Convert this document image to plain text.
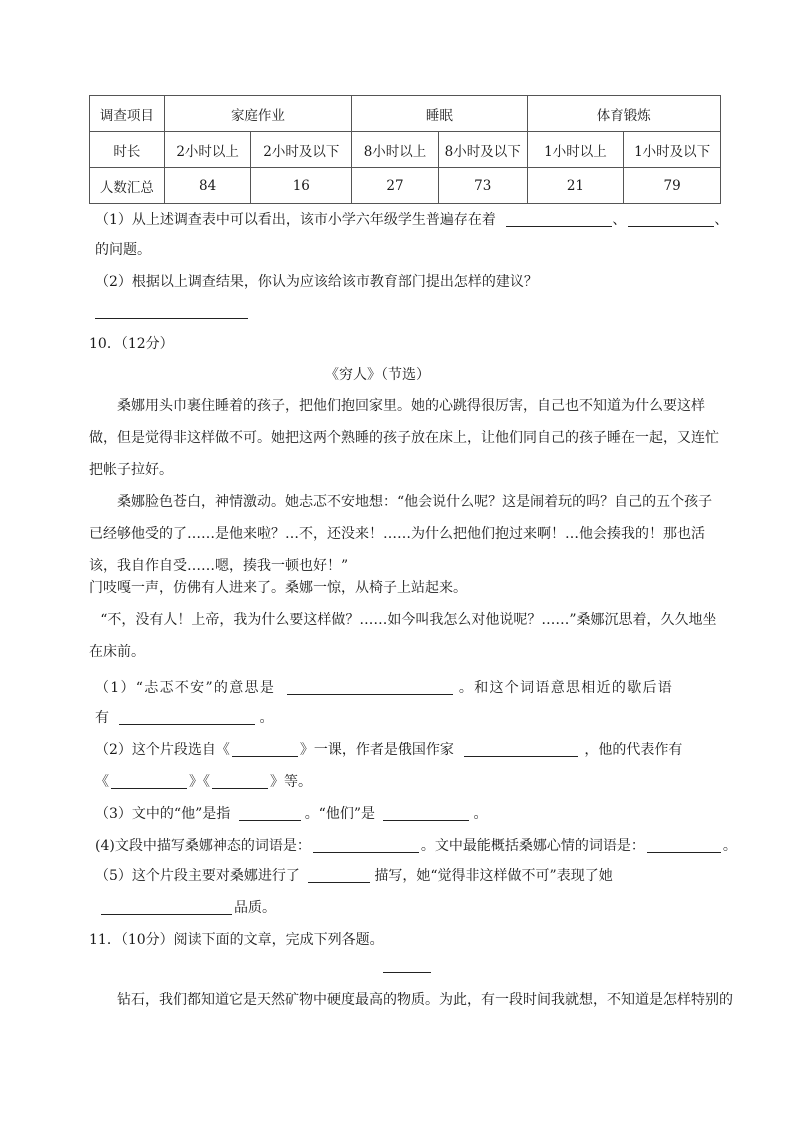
调查项目	家庭作业		睡眠		体育锻炼	
时长	2小时以上	2小时及以下	8小时以上	8小时及以下	1小时以上	1小时及以下
人数汇总	84	16	27	73	21	79
（1）从上述调查表中可以看出，该市小学六年级学生普遍存在着	、	、
的问题。
（2）根据以上调查结果，你认为应该给该市教育部门提出怎样的建议？
10．（12分）
《穷人》（节选）
桑娜用头巾裹住睡着的孩子，把他们抱回家里。她的心跳得很厉害，自己也不知道为什么要这样做，但是觉得非这样做不可。她把这两个熟睡的孩子放在床上，让他们同自己的孩子睡在一起，又连忙把帐子拉好。
桑娜脸色苍白，神情激动。她忐忑不安地想：“他会说什么呢？这是闹着玩的吗？自己的五个孩子已经够他受的了……是他来啦？…不，还没来！……为什么把他们抱过来啊！…他会揍我的！那也活该，我自作自受……嗯，揍我一顿也好！”
门吱嘎一声，仿佛有人进来了。桑娜一惊，从椅子上站起来。
“不，没有人！上帝，我为什么要这样做？……如今叫我怎么对他说呢？……”桑娜沉思着，久久地坐在床前。
（1）“忐忑不安”的意思是	。和这个词语意思相近的歇后语
有	。
（2）这个片段选自《	》一课，作者是俄国作家	，他的代表作有
《	》《	》等。
（3）文中的“他”是指	。“他们”是	。
(4)文段中描写桑娜神态的词语是：	。文中最能概括桑娜心情的词语是：	。
（5）这个片段主要对桑娜进行了	描写，她“觉得非这样做不可”表现了她
品质。
11．（10分）阅读下面的文章，完成下列各题。
钻石，我们都知道它是天然矿物中硬度最高的物质。为此，有一段时间我就想，不知道是怎样特别的
